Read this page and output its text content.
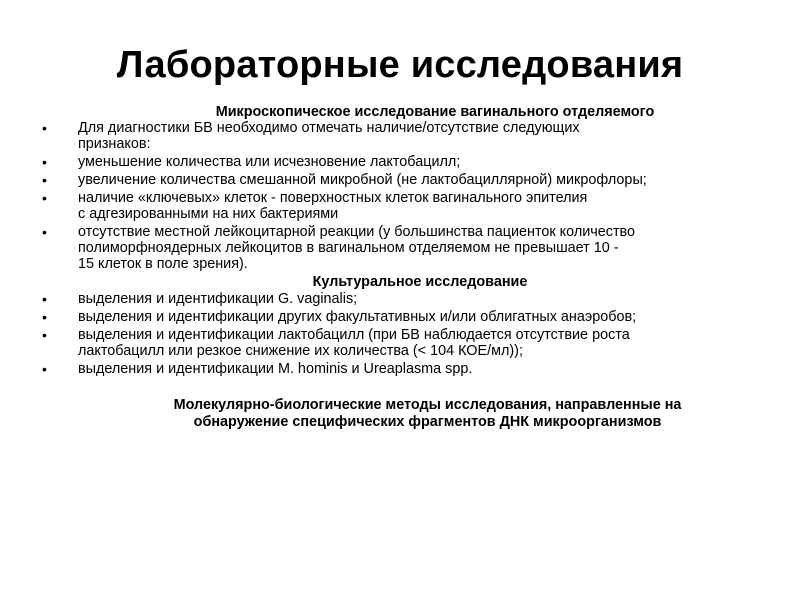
Лабораторные исследования

Микроскопическое исследование вагинального отделяемого

• Для диагностики БВ необходимо отмечать наличие/отсутствие следующих
признаков:
• уменьшение количества или исчезновение лактобацилл;
• увеличение количества смешанной микробной (не лактобациллярной) микрофлоры;
• наличие «ключевых» клеток - поверхностных клеток вагинального эпителия
с адгезированными на них бактериями
• отсутствие местной лейкоцитарной реакции (у большинства пациенток количество
полиморфноядерных лейкоцитов в вагинальном отделяемом не превышает 10 -
15 клеток в поле зрения).

Культуральное исследование

• выделения и идентификации G. vaginalis;
• выделения и идентификации других факультативных и/или облигатных анаэробов;
• выделения и идентификации лактобацилл (при БВ наблюдается отсутствие роста
лактобацилл или резкое снижение их количества (< 104 КОЕ/мл));
• выделения и идентификации M. hominis и Ureaplasma spp.
Молекулярно-биологические методы исследования, направленные на
обнаружение специфических фрагментов ДНК микроорганизмов
